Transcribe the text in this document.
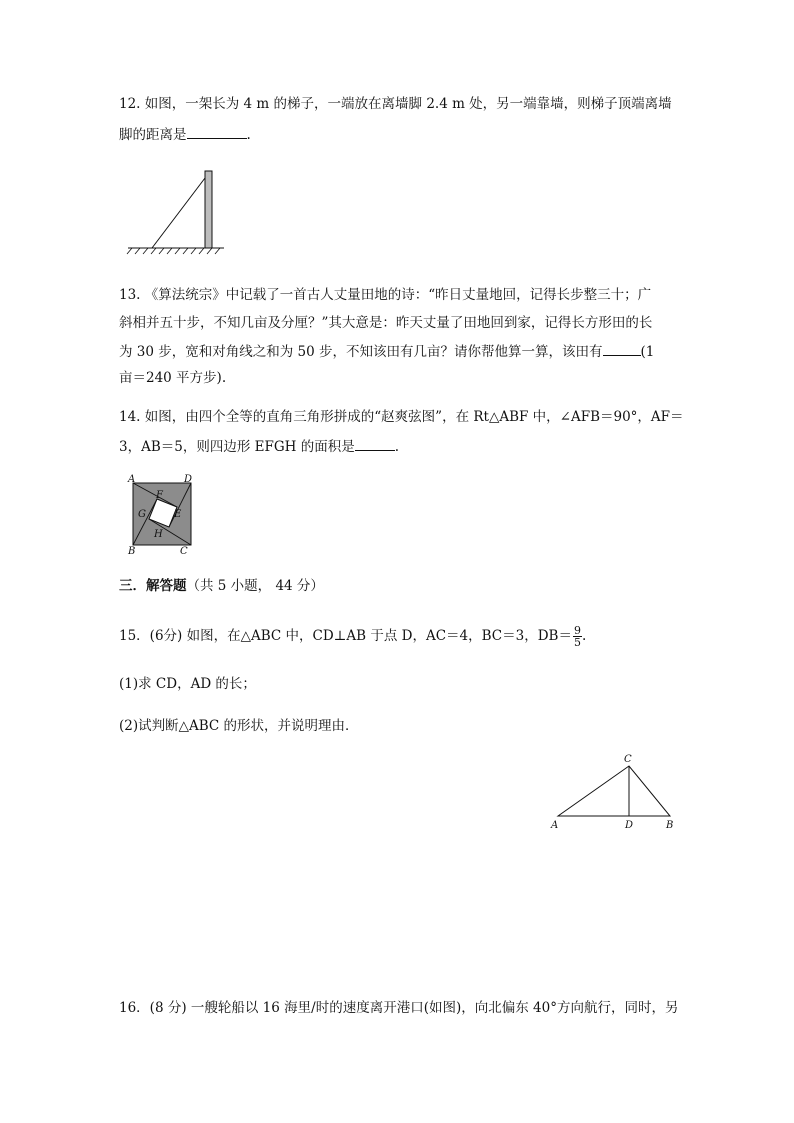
12. 如图，一架长为 4 m 的梯子，一端放在离墙脚 2.4 m 处，另一端靠墙，则梯子顶端离墙
脚的距离是	.
13. 《算法统宗》中记载了一首古人丈量田地的诗：“昨日丈量地回，记得长步整三十；广
斜相并五十步，不知几亩及分厘？”其大意是：昨天丈量了田地回到家，记得长方形田的长
为 30 步，宽和对角线之和为 50 步，不知该田有几亩？请你帮他算一算，该田有	(1
亩＝240 平方步).
14. 如图，由四个全等的直角三角形拼成的“赵爽弦图”，在 Rt△ABF 中，∠AFB＝90°，AF＝
3，AB＝5，则四边形 EFGH 的面积是	.
A	D
B	C
F
G	E
H
三．解答题（共 5 小题， 44 分）
15．(6分) 如图，在△ABC 中，CD⊥AB 于点 D，AC＝4，BC＝3，$DB= \frac{9}{5}$ .
(1)求 CD，AD 的长；
(2)试判断△ABC 的形状，并说明理由．
C
A	D	B
16．(8 分) 一艘轮船以 16 海里/时的速度离开港口(如图)，向北偏东 40°方向航行，同时，另
